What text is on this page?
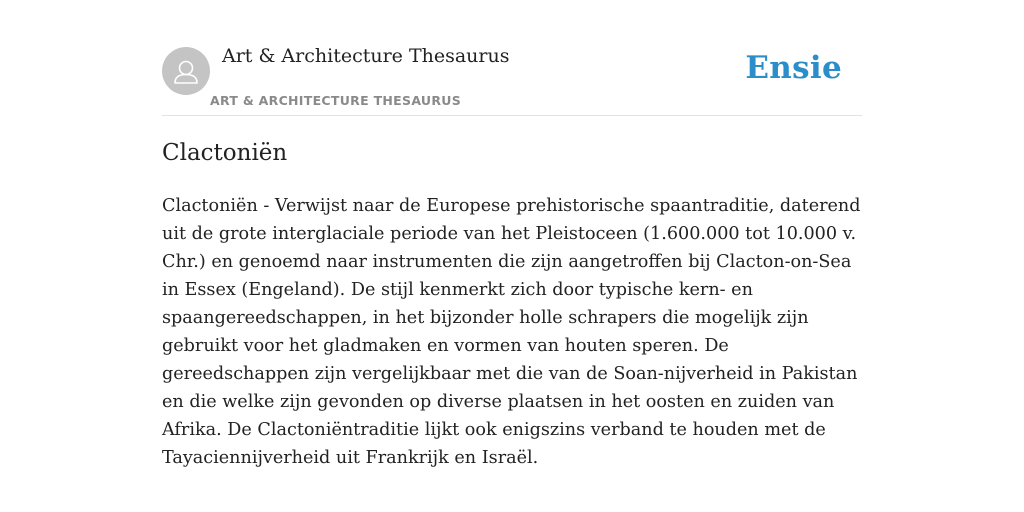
Art & Architecture Thesaurus
ART & ARCHITECTURE THESAURUS
Ensie
Clactoniën

Clactoniën - Verwijst naar de Europese prehistorische spaantraditie, daterend uit de grote interglaciale periode van het Pleistoceen (1.600.000 tot 10.000 v. Chr.) en genoemd naar instrumenten die zijn aangetroffen bij Clacton-on-Sea in Essex (Engeland). De stijl kenmerkt zich door typische kern- en spaangereedschappen, in het bijzonder holle schrapers die mogelijk zijn gebruikt voor het gladmaken en vormen van houten speren. De gereedschappen zijn vergelijkbaar met die van de Soan-nijverheid in Pakistan en die welke zijn gevonden op diverse plaatsen in het oosten en zuiden van Afrika. De Clactoniëntraditie lijkt ook enigszins verband te houden met de Tayaciennijverheid uit Frankrijk en Israël.
